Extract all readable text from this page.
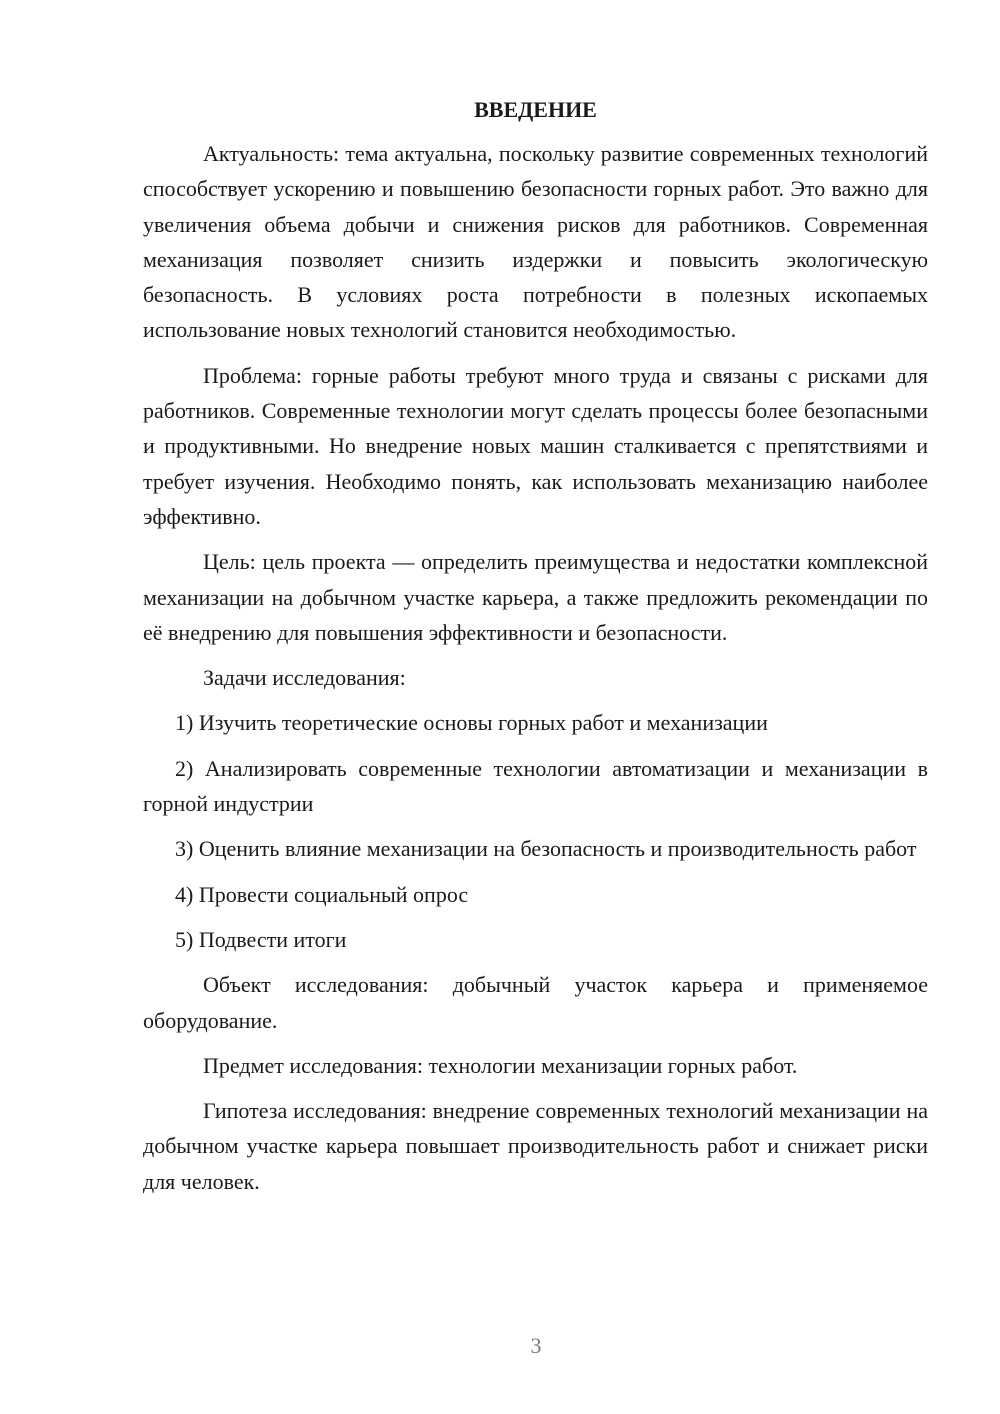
ВВЕДЕНИЕ

Актуальность: тема актуальна, поскольку развитие современных технологий способствует ускорению и повышению безопасности горных работ. Это важно для увеличения объема добычи и снижения рисков для работников. Современная механизация позволяет снизить издержки и повысить экологическую безопасность. В условиях роста потребности в полезных ископаемых использование новых технологий становится необходимостью.

Проблема: горные работы требуют много труда и связаны с рисками для работников. Современные технологии могут сделать процессы более безопасными и продуктивными. Но внедрение новых машин сталкивается с препятствиями и требует изучения. Необходимо понять, как использовать механизацию наиболее эффективно.

Цель: цель проекта — определить преимущества и недостатки комплексной механизации на добычном участке карьера, а также предложить рекомендации по её внедрению для повышения эффективности и безопасности.

Задачи исследования:

1) Изучить теоретические основы горных работ и механизации

2) Анализировать современные технологии автоматизации и механизации в горной индустрии

3) Оценить влияние механизации на безопасность и производительность работ

4) Провести социальный опрос

5) Подвести итоги

Объект исследования: добычный участок карьера и применяемое оборудование.

Предмет исследования: технологии механизации горных работ.

Гипотеза исследования: внедрение современных технологий механизации на добычном участке карьера повышает производительность работ и снижает риски для человек.

3
